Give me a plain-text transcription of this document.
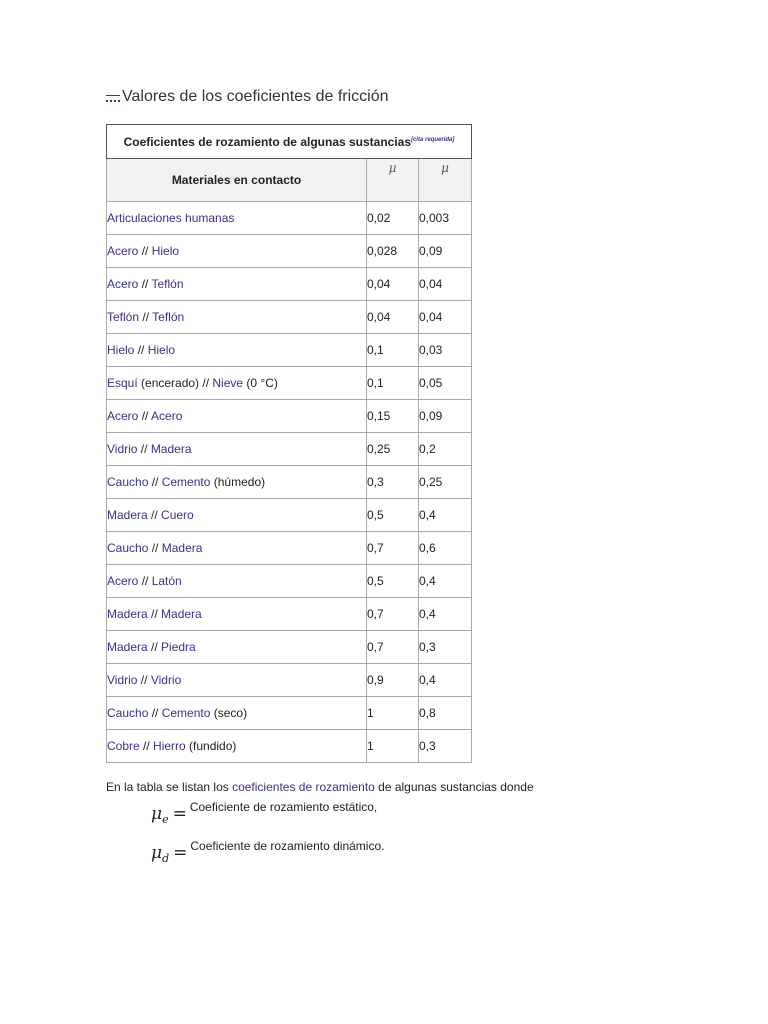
Valores de los coeficientes de fricción
Coeficientes de rozamiento de algunas sustancias[cita requerida]
Materiales en contacto	μ	μ
Articulaciones humanas	0,02	0,003
Acero // Hielo	0,028	0,09
Acero // Teflón	0,04	0,04
Teflón // Teflón	0,04	0,04
Hielo // Hielo	0,1	0,03
Esquí (encerado) // Nieve (0 °C)	0,1	0,05
Acero // Acero	0,15	0,09
Vidrio // Madera	0,25	0,2
Caucho // Cemento (húmedo)	0,3	0,25
Madera // Cuero	0,5	0,4
Caucho // Madera	0,7	0,6
Acero // Latón	0,5	0,4
Madera // Madera	0,7	0,4
Madera // Piedra	0,7	0,3
Vidrio // Vidrio	0,9	0,4
Caucho // Cemento (seco)	1	0,8
Cobre // Hierro (fundido)	1	0,3
En la tabla se listan los coeficientes de rozamiento de algunas sustancias donde
μe = Coeficiente de rozamiento estático,
μd = Coeficiente de rozamiento dinámico.
